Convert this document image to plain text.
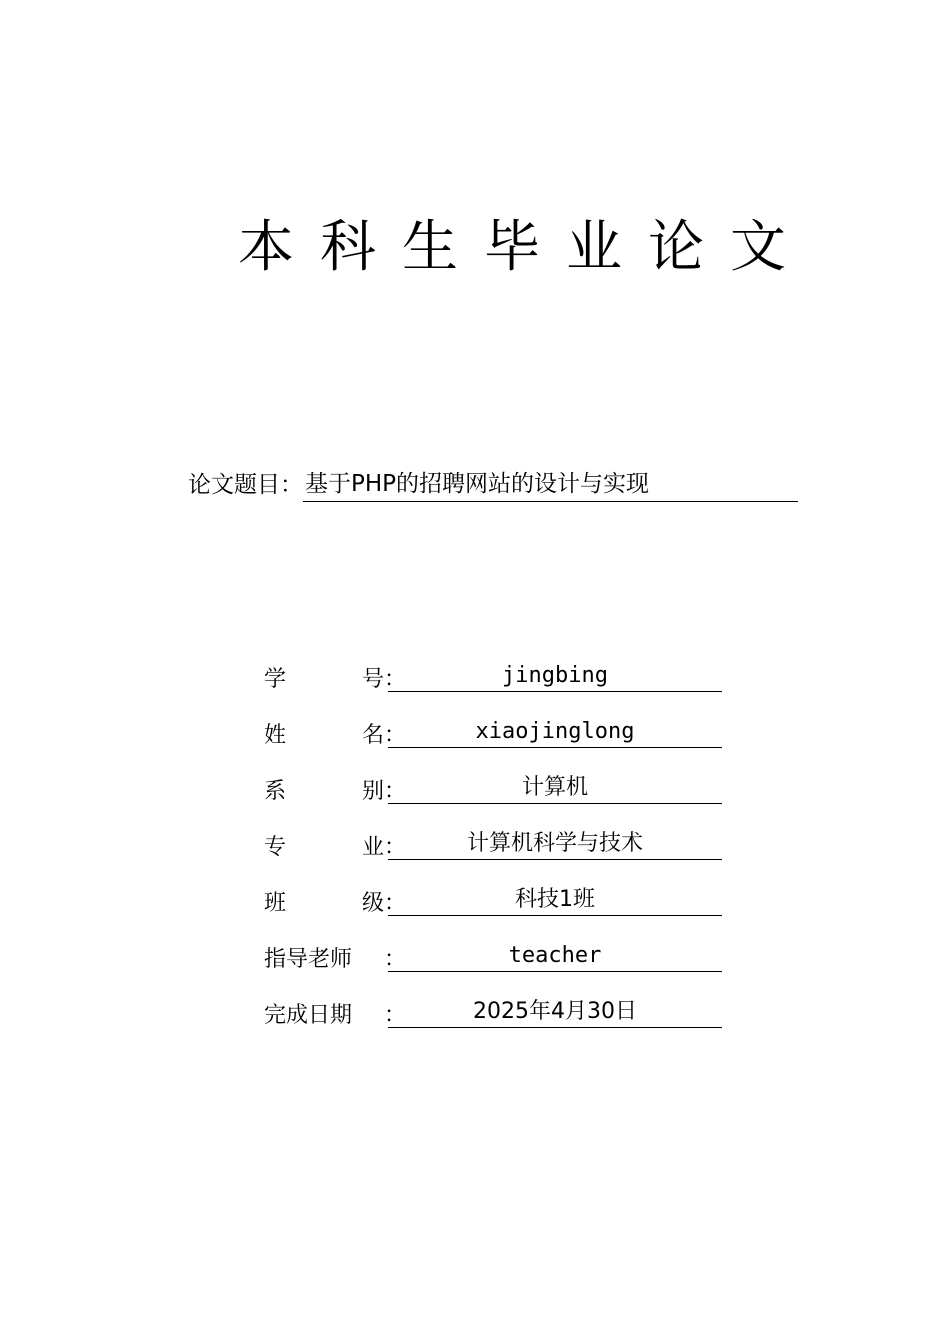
本科生毕业论文
论文题目： 基于PHP的招聘网站的设计与实现
学	号 ：	jingbing
姓	名 ：	xiaojinglong
系	别 ：	计算机
专	业 ：	计算机科学与技术
班	级 ：	科技1班
指导老师 ：	teacher
完成日期 ：	2025年4月30日
